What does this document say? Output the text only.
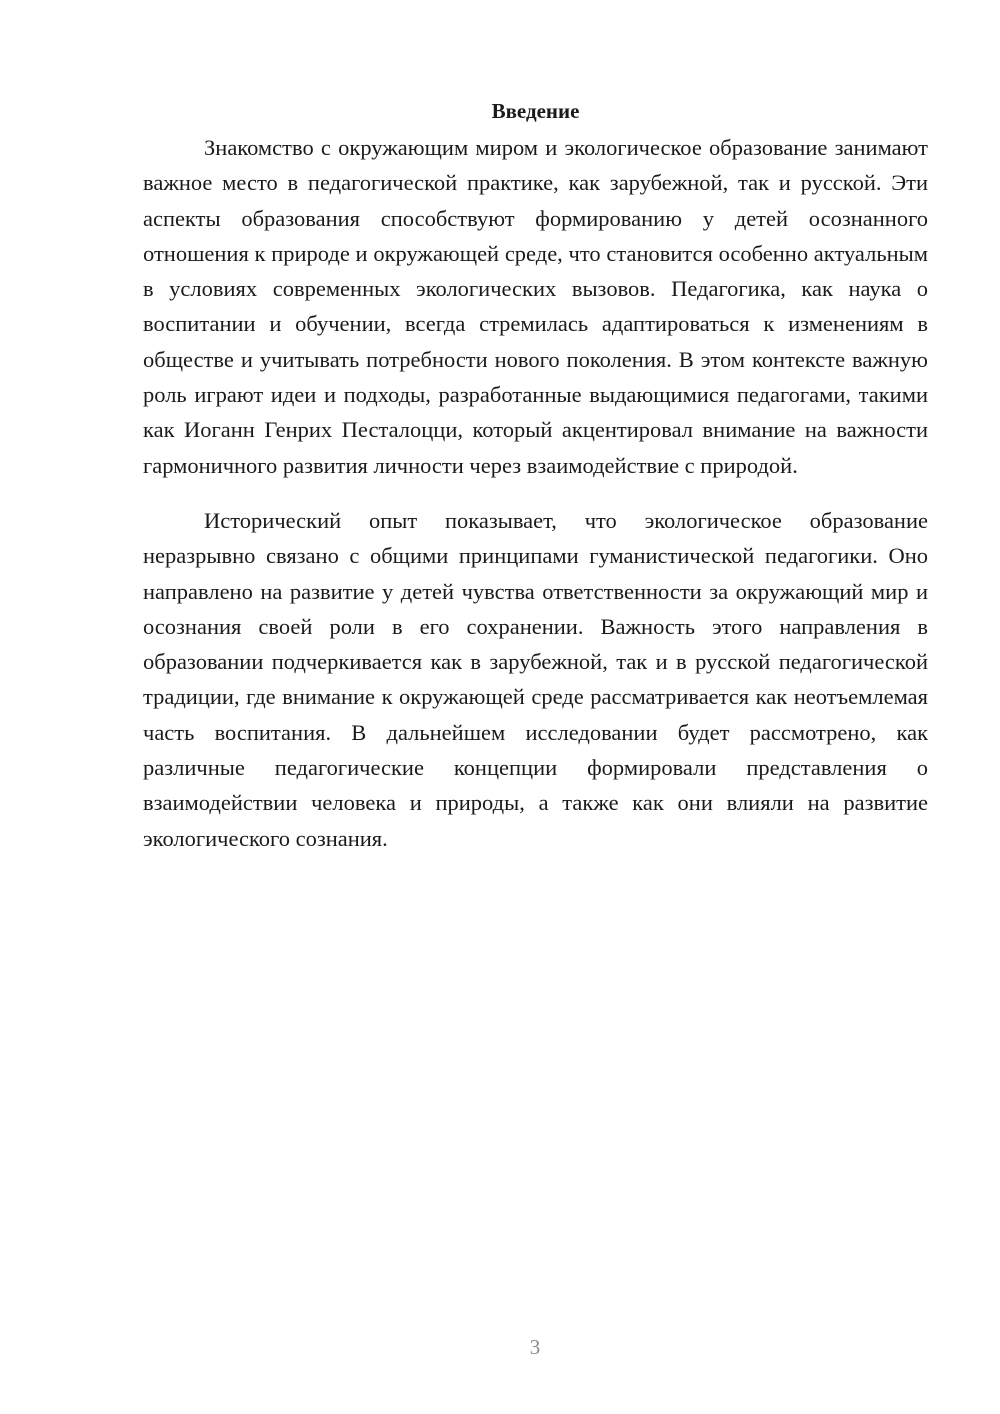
Введение

Знакомство с окружающим миром и экологическое образование занимают важное место в педагогической практике, как зарубежной, так и русской. Эти аспекты образования способствуют формированию у детей осознанного отношения к природе и окружающей среде, что становится особенно актуальным в условиях современных экологических вызовов. Педагогика, как наука о воспитании и обучении, всегда стремилась адаптироваться к изменениям в обществе и учитывать потребности нового поколения. В этом контексте важную роль играют идеи и подходы, разработанные выдающимися педагогами, такими как Иоганн Генрих Песталоцци, который акцентировал внимание на важности гармоничного развития личности через взаимодействие с природой.

Исторический опыт показывает, что экологическое образование неразрывно связано с общими принципами гуманистической педагогики. Оно направлено на развитие у детей чувства ответственности за окружающий мир и осознания своей роли в его сохранении. Важность этого направления в образовании подчеркивается как в зарубежной, так и в русской педагогической традиции, где внимание к окружающей среде рассматривается как неотъемлемая часть воспитания. В дальнейшем исследовании будет рассмотрено, как различные педагогические концепции формировали представления о взаимодействии человека и природы, а также как они влияли на развитие экологического сознания.

3
